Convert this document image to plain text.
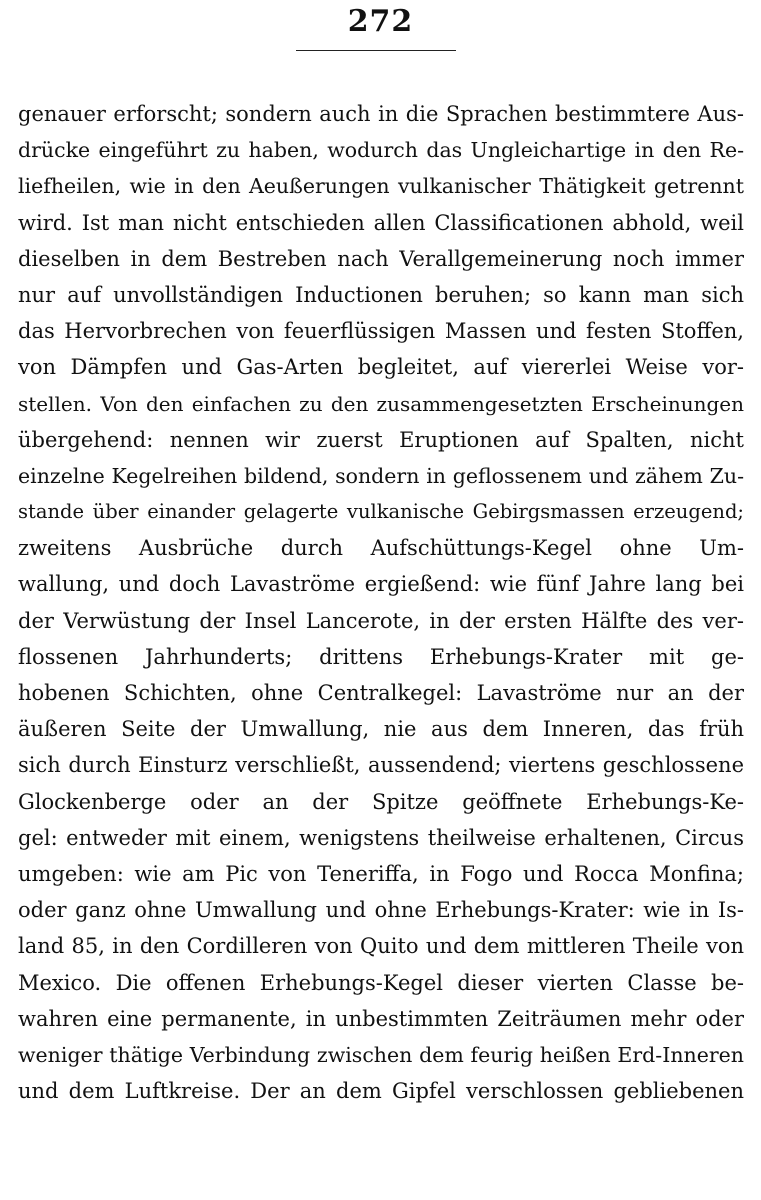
272
genauer erforscht; sondern auch in die Sprachen bestimmtere Aus-
drücke eingeführt zu haben, wodurch das Ungleichartige in den Re-
liefheilen, wie in den Aeußerungen vulkanischer Thätigkeit getrennt
wird. Ist man nicht entschieden allen Classificationen abhold, weil
dieselben in dem Bestreben nach Verallgemeinerung noch immer
nur auf unvollständigen Inductionen beruhen; so kann man sich
das Hervorbrechen von feuerflüssigen Massen und festen Stoffen,
von Dämpfen und Gas-Arten begleitet, auf viererlei Weise vor-
stellen. Von den einfachen zu den zusammengesetzten Erscheinungen
übergehend: nennen wir zuerst Eruptionen auf Spalten, nicht
einzelne Kegelreihen bildend, sondern in geflossenem und zähem Zu-
stande über einander gelagerte vulkanische Gebirgsmassen erzeugend;
zweitens Ausbrüche durch Aufschüttungs-Kegel ohne Um-
wallung, und doch Lavaströme ergießend: wie fünf Jahre lang bei
der Verwüstung der Insel Lancerote, in der ersten Hälfte des ver-
flossenen Jahrhunderts; drittens Erhebungs-Krater mit ge-
hobenen Schichten, ohne Centralkegel: Lavaströme nur an der
äußeren Seite der Umwallung, nie aus dem Inneren, das früh
sich durch Einsturz verschließt, aussendend; viertens geschlossene
Glockenberge oder an der Spitze geöffnete Erhebungs-Ke-
gel: entweder mit einem, wenigstens theilweise erhaltenen, Circus
umgeben: wie am Pic von Teneriffa, in Fogo und Rocca Monfina;
oder ganz ohne Umwallung und ohne Erhebungs-Krater: wie in Is-
land 85, in den Cordilleren von Quito und dem mittleren Theile von
Mexico. Die offenen Erhebungs-Kegel dieser vierten Classe be-
wahren eine permanente, in unbestimmten Zeiträumen mehr oder
weniger thätige Verbindung zwischen dem feurig heißen Erd-Inneren
und dem Luftkreise. Der an dem Gipfel verschlossen gebliebenen
